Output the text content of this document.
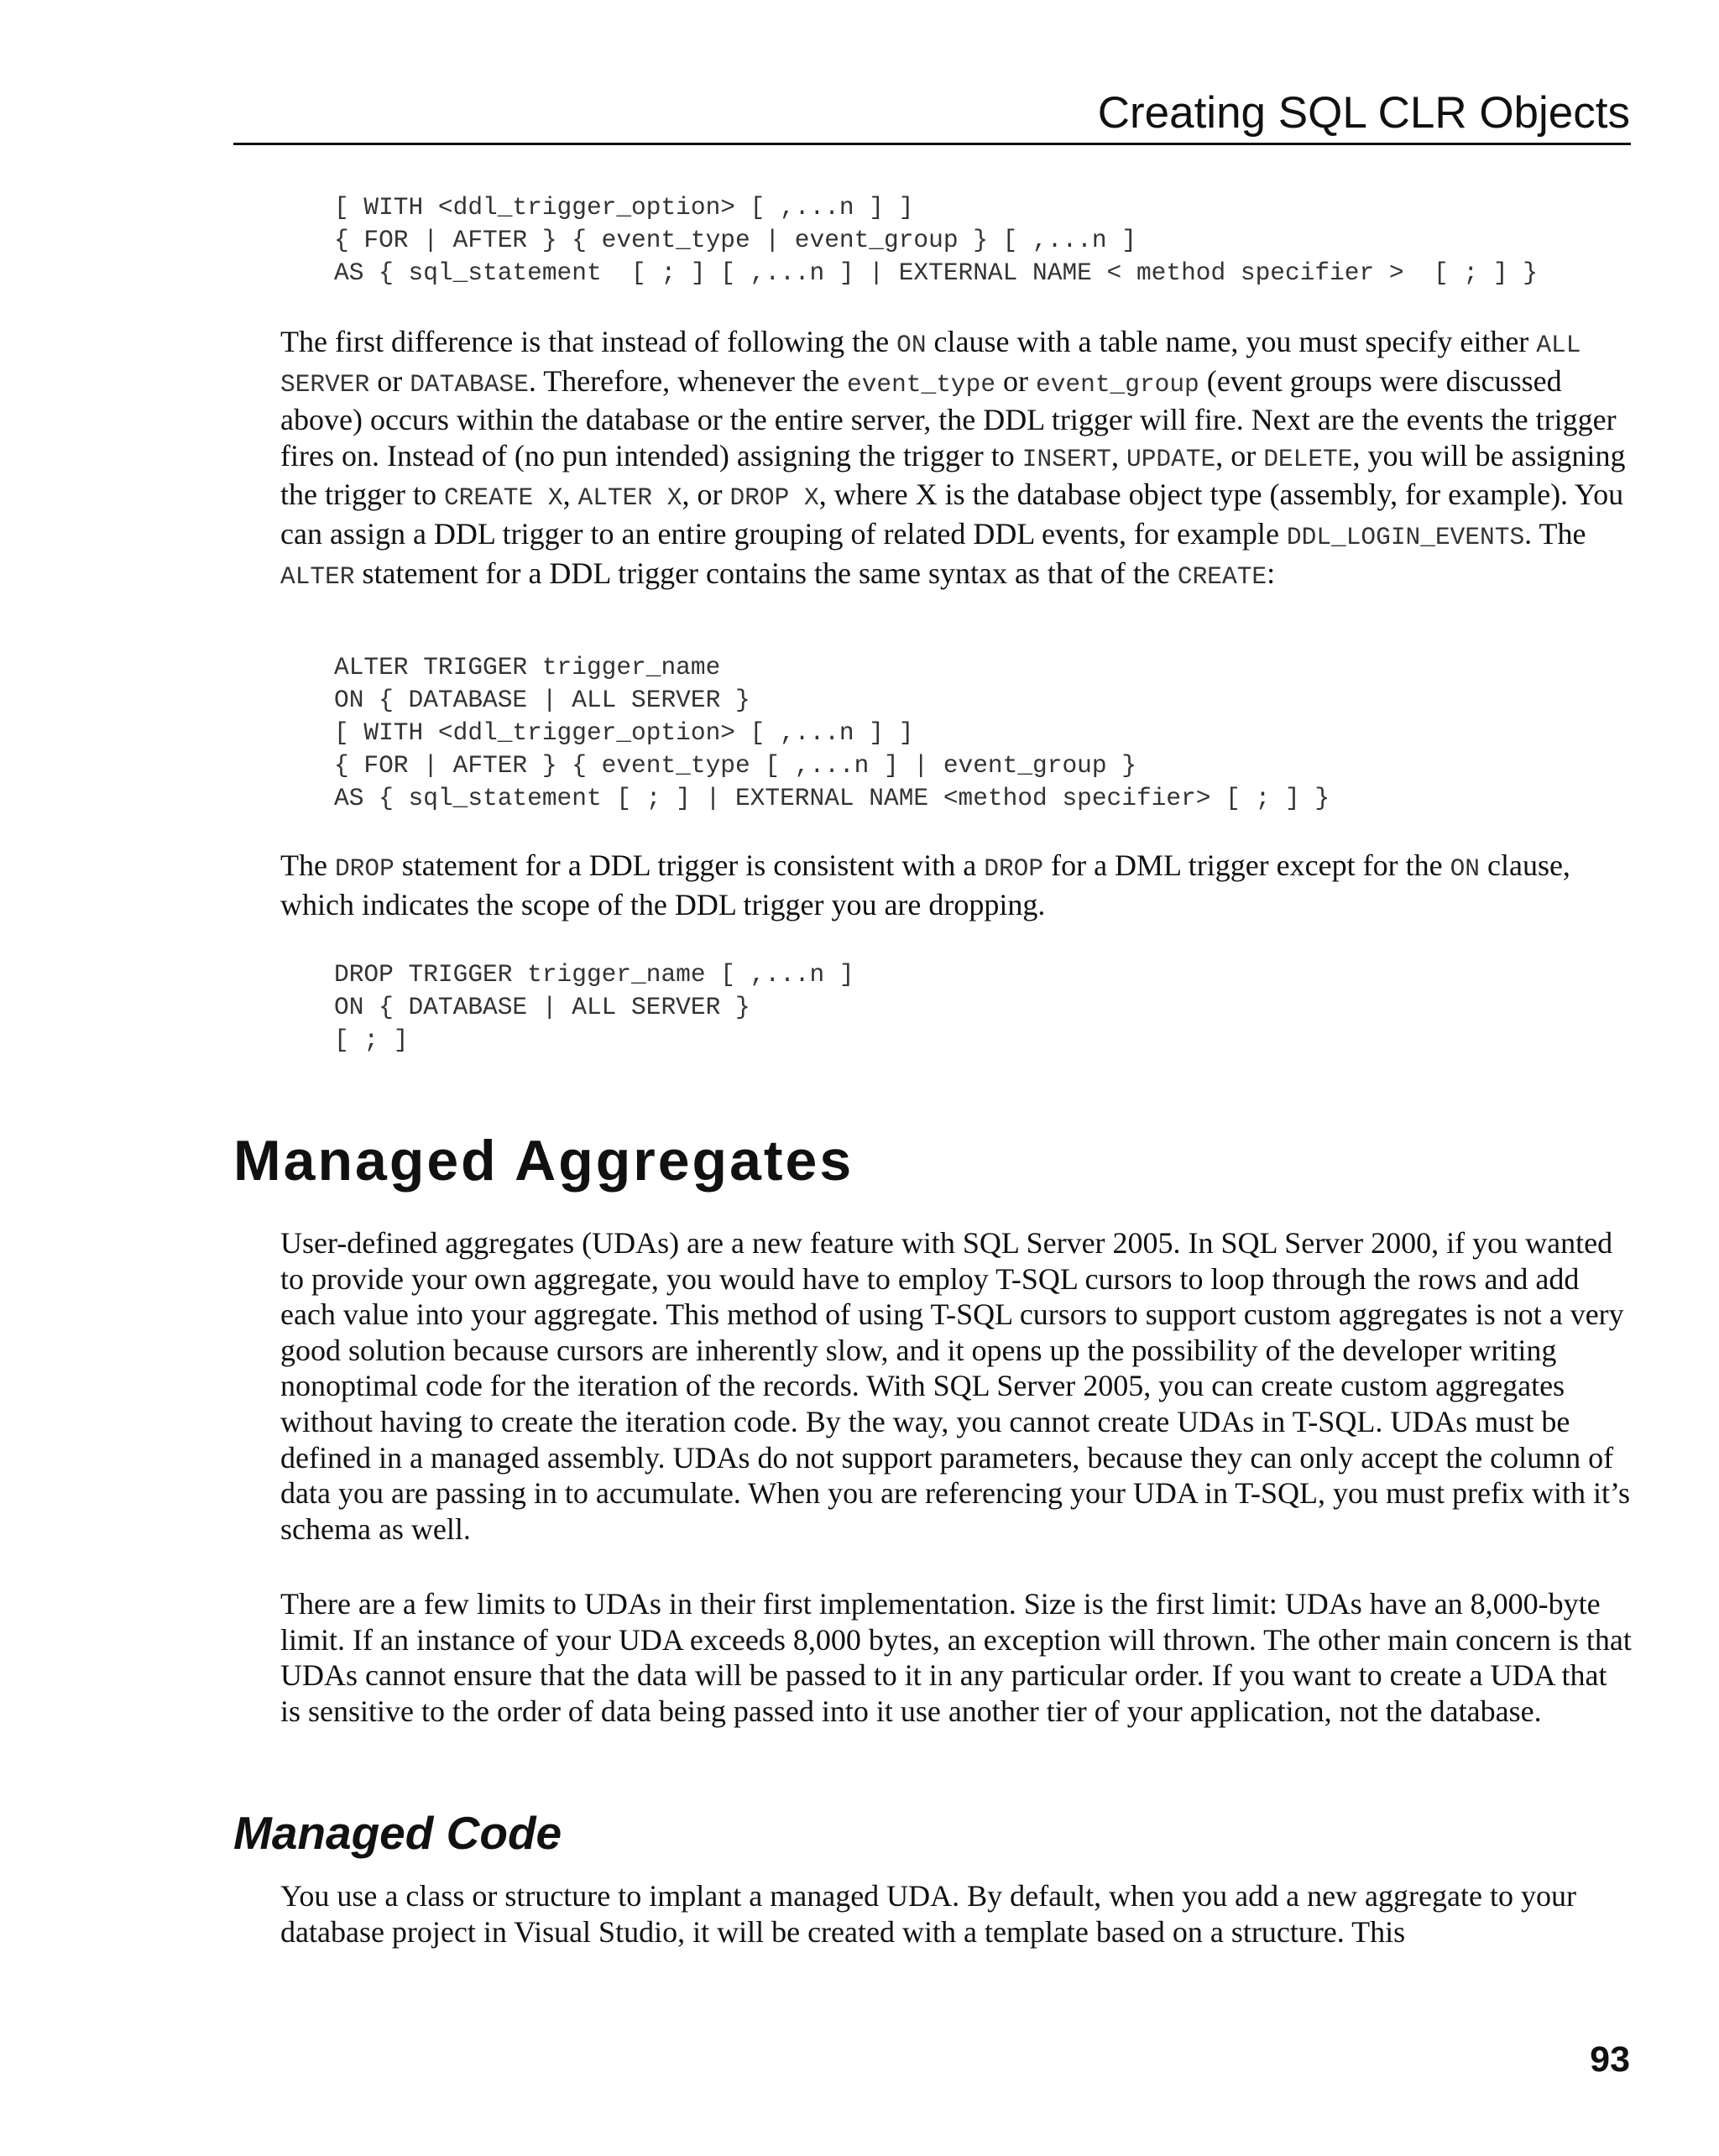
Creating SQL CLR Objects
[ WITH <ddl_trigger_option> [ ,...n ] ]
{ FOR | AFTER } { event_type | event_group } [ ,...n ]
AS { sql_statement  [ ; ] [ ,...n ] | EXTERNAL NAME < method specifier >  [ ; ] }

The first difference is that instead of following the ON clause with a table name, you must specify either ALL SERVER or DATABASE. Therefore, whenever the event_type or event_group (event groups were discussed above) occurs within the database or the entire server, the DDL trigger will fire. Next are the events the trigger fires on. Instead of (no pun intended) assigning the trigger to INSERT, UPDATE, or DELETE, you will be assigning the trigger to CREATE X, ALTER X, or DROP X, where X is the database object type (assembly, for example). You can assign a DDL trigger to an entire grouping of related DDL events, for example DDL_LOGIN_EVENTS. The ALTER statement for a DDL trigger contains the same syntax as that of the CREATE:

ALTER TRIGGER trigger_name
ON { DATABASE | ALL SERVER }
[ WITH <ddl_trigger_option> [ ,...n ] ]
{ FOR | AFTER } { event_type [ ,...n ] | event_group }
AS { sql_statement [ ; ] | EXTERNAL NAME <method specifier> [ ; ] }

The DROP statement for a DDL trigger is consistent with a DROP for a DML trigger except for the ON clause, which indicates the scope of the DDL trigger you are dropping.

DROP TRIGGER trigger_name [ ,...n ]
ON { DATABASE | ALL SERVER }
[ ; ]
Managed Aggregates

User-defined aggregates (UDAs) are a new feature with SQL Server 2005. In SQL Server 2000, if you wanted to provide your own aggregate, you would have to employ T-SQL cursors to loop through the rows and add each value into your aggregate. This method of using T-SQL cursors to support custom aggregates is not a very good solution because cursors are inherently slow, and it opens up the possibility of the developer writing nonoptimal code for the iteration of the records. With SQL Server 2005, you can create custom aggregates without having to create the iteration code. By the way, you cannot create UDAs in T-SQL. UDAs must be defined in a managed assembly. UDAs do not support parameters, because they can only accept the column of data you are passing in to accumulate. When you are referencing your UDA in T-SQL, you must prefix with it’s schema as well.

There are a few limits to UDAs in their first implementation. Size is the first limit: UDAs have an 8,000-byte limit. If an instance of your UDA exceeds 8,000 bytes, an exception will thrown. The other main concern is that UDAs cannot ensure that the data will be passed to it in any particular order. If you want to create a UDA that is sensitive to the order of data being passed into it use another tier of your application, not the database.

Managed Code

You use a class or structure to implant a managed UDA. By default, when you add a new aggregate to your database project in Visual Studio, it will be created with a template based on a structure. This

93
